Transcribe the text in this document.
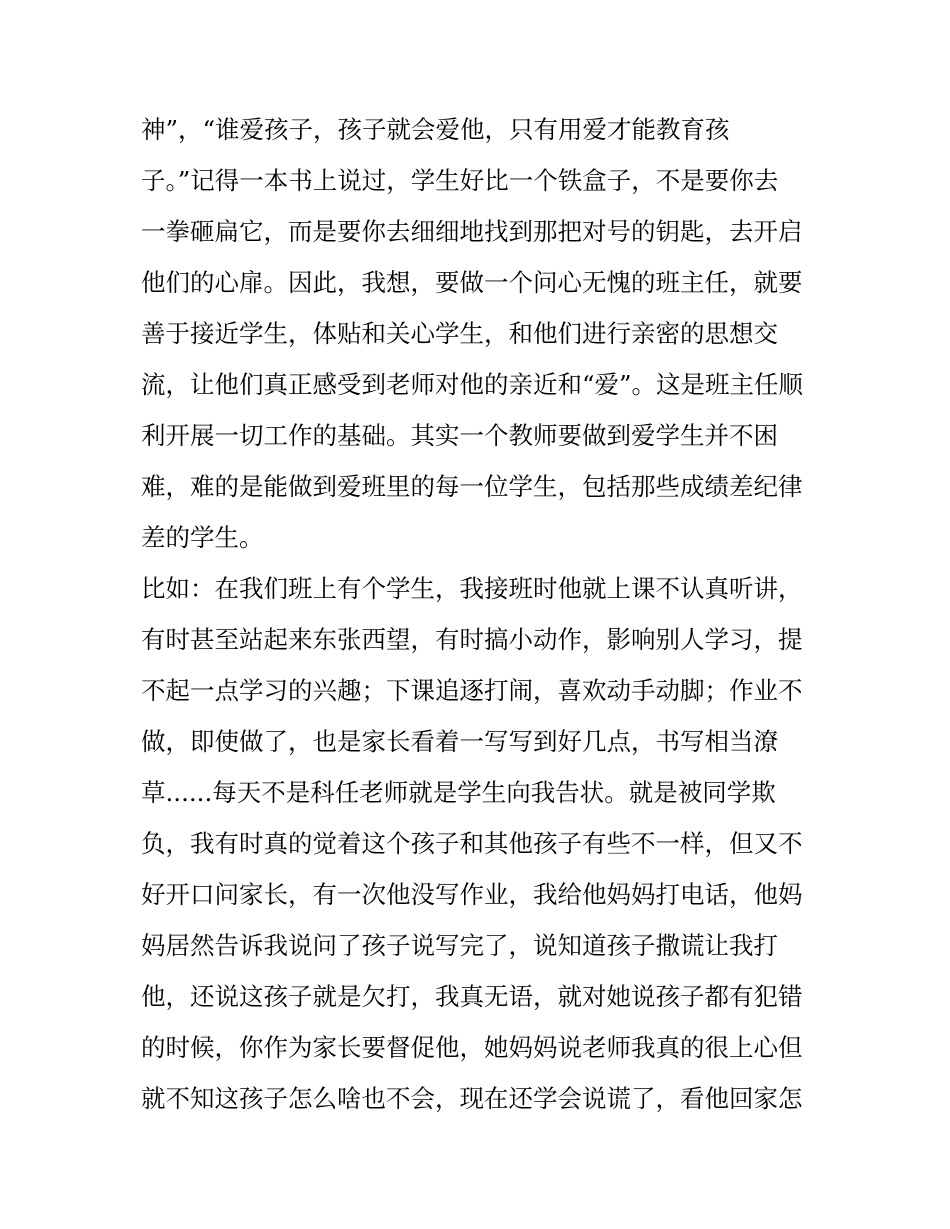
神”，“谁爱孩子，孩子就会爱他，只有用爱才能教育孩
子。”记得一本书上说过，学生好比一个铁盒子，不是要你去
一拳砸扁它，而是要你去细细地找到那把对号的钥匙，去开启
他们的心扉。因此，我想，要做一个问心无愧的班主任，就要
善于接近学生，体贴和关心学生，和他们进行亲密的思想交
流，让他们真正感受到老师对他的亲近和“爱”。这是班主任顺
利开展一切工作的基础。其实一个教师要做到爱学生并不困
难，难的是能做到爱班里的每一位学生，包括那些成绩差纪律
差的学生。
比如：在我们班上有个学生，我接班时他就上课不认真听讲，
有时甚至站起来东张西望，有时搞小动作，影响别人学习，提
不起一点学习的兴趣；下课追逐打闹，喜欢动手动脚；作业不
做，即使做了，也是家长看着一写写到好几点，书写相当潦
草......每天不是科任老师就是学生向我告状。就是被同学欺
负，我有时真的觉着这个孩子和其他孩子有些不一样，但又不
好开口问家长，有一次他没写作业，我给他妈妈打电话，他妈
妈居然告诉我说问了孩子说写完了，说知道孩子撒谎让我打
他，还说这孩子就是欠打，我真无语，就对她说孩子都有犯错
的时候，你作为家长要督促他，她妈妈说老师我真的很上心但
就不知这孩子怎么啥也不会，现在还学会说谎了，看他回家怎
